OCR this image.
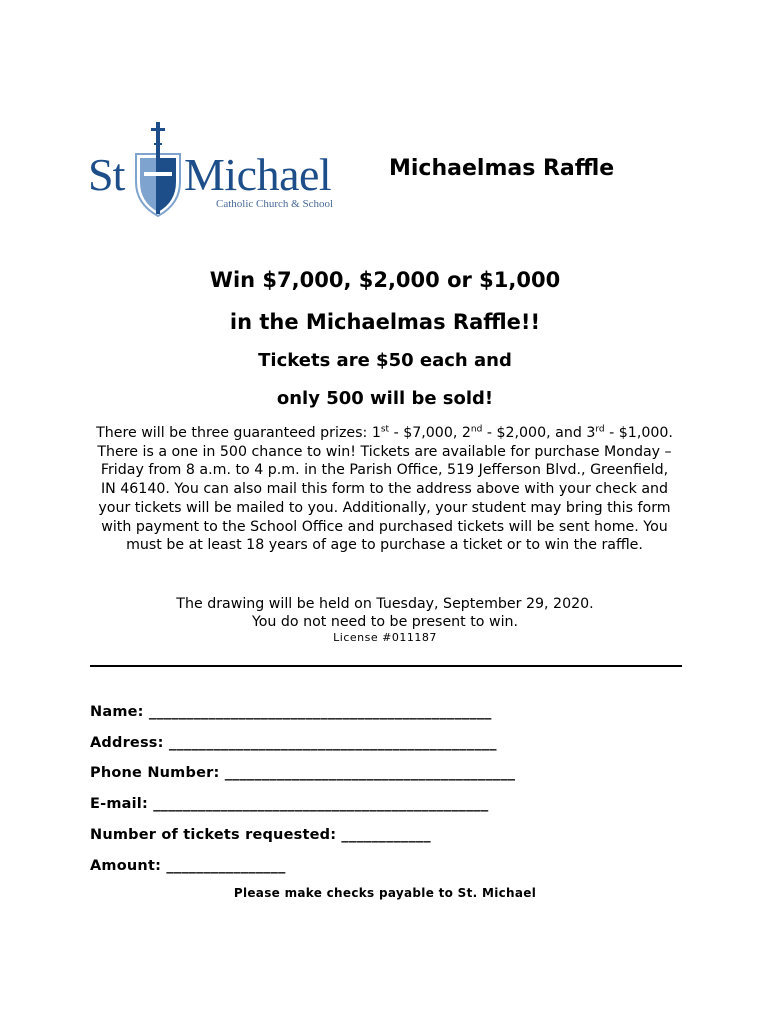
St Michael
Catholic Church & School
Michaelmas Raffle
Win $7,000, $2,000 or $1,000
in the Michaelmas Raffle!!
Tickets are $50 each and
only 500 will be sold!
There will be three guaranteed prizes: 1st - $7,000, 2nd - $2,000, and 3rd - $1,000. There is a one in 500 chance to win! Tickets are available for purchase Monday – Friday from 8 a.m. to 4 p.m. in the Parish Office, 519 Jefferson Blvd., Greenfield, IN 46140. You can also mail this form to the address above with your check and your tickets will be mailed to you. Additionally, your student may bring this form with payment to the School Office and purchased tickets will be sent home. You must be at least 18 years of age to purchase a ticket or to win the raffle.
The drawing will be held on Tuesday, September 29, 2020.
You do not need to be present to win.
License #011187
Name: ______________________________________________
Address: ____________________________________________
Phone Number: _______________________________________
E-mail: _____________________________________________
Number of tickets requested: ____________
Amount: ________________
Please make checks payable to St. Michael
